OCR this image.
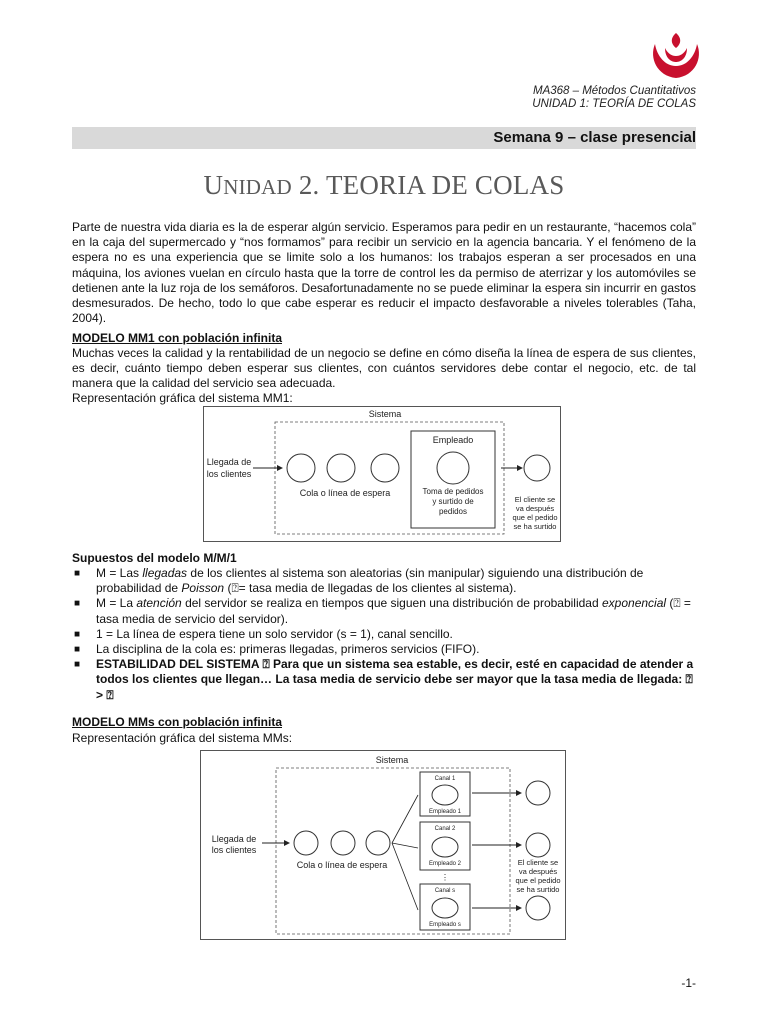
MA368 – Métodos Cuantitativos
UNIDAD 1: TEORÍA DE COLAS
Semana 9 – clase presencial
UNIDAD 2. TEORIA DE COLAS
Parte de nuestra vida diaria es la de esperar algún servicio. Esperamos para pedir en un restaurante, “hacemos cola” en la caja del supermercado y “nos formamos” para recibir un servicio en la agencia bancaria. Y el fenómeno de la espera no es una experiencia que se limite solo a los humanos: los trabajos esperan a ser procesados en una máquina, los aviones vuelan en círculo hasta que la torre de control les da permiso de aterrizar y los automóviles se detienen ante la luz roja de los semáforos. Desafortunadamente no se puede eliminar la espera sin incurrir en gastos desmesurados. De hecho, todo lo que cabe esperar es reducir el impacto desfavorable a niveles tolerables (Taha, 2004).
MODELO MM1 con población infinita
Muchas veces la calidad y la rentabilidad de un negocio se define en cómo diseña la línea de espera de sus clientes, es decir, cuánto tiempo deben esperar sus clientes, con cuántos servidores debe contar el negocio, etc. de tal manera que la calidad del servicio sea adecuada.
Representación gráfica del sistema MM1:
Sistema
Llegada de
los clientes
Cola o línea de espera
Empleado
Toma de pedidos
y surtido de
pedidos
El cliente se
va después
que el pedido
se ha surtido
Supuestos del modelo M/M/1
■ M = Las llegadas de los clientes al sistema son aleatorias (sin manipular) siguiendo una distribución de probabilidad de Poisson (⍰= tasa media de llegadas de los clientes al sistema).
■ M = La atención del servidor se realiza en tiempos que siguen una distribución de probabilidad exponencial (⍰ = tasa media de servicio del servidor).
■ 1 = La línea de espera tiene un solo servidor (s = 1), canal sencillo.
■ La disciplina de la cola es: primeras llegadas, primeros servicios (FIFO).
■ ESTABILIDAD DEL SISTEMA ⍰ Para que un sistema sea estable, es decir, esté en capacidad de atender a todos los clientes que llegan… La tasa media de servicio debe ser mayor que la tasa media de llegada: ⍰ > ⍰
MODELO MMs con población infinita
Representación gráfica del sistema MMs:
Sistema
Llegada de
los clientes
Cola o línea de espera
Canal 1
Empleado 1
Canal 2
Empleado 2
⋮
Canal s
Empleado s
El cliente se
va después
que el pedido
se ha surtido
-1-
